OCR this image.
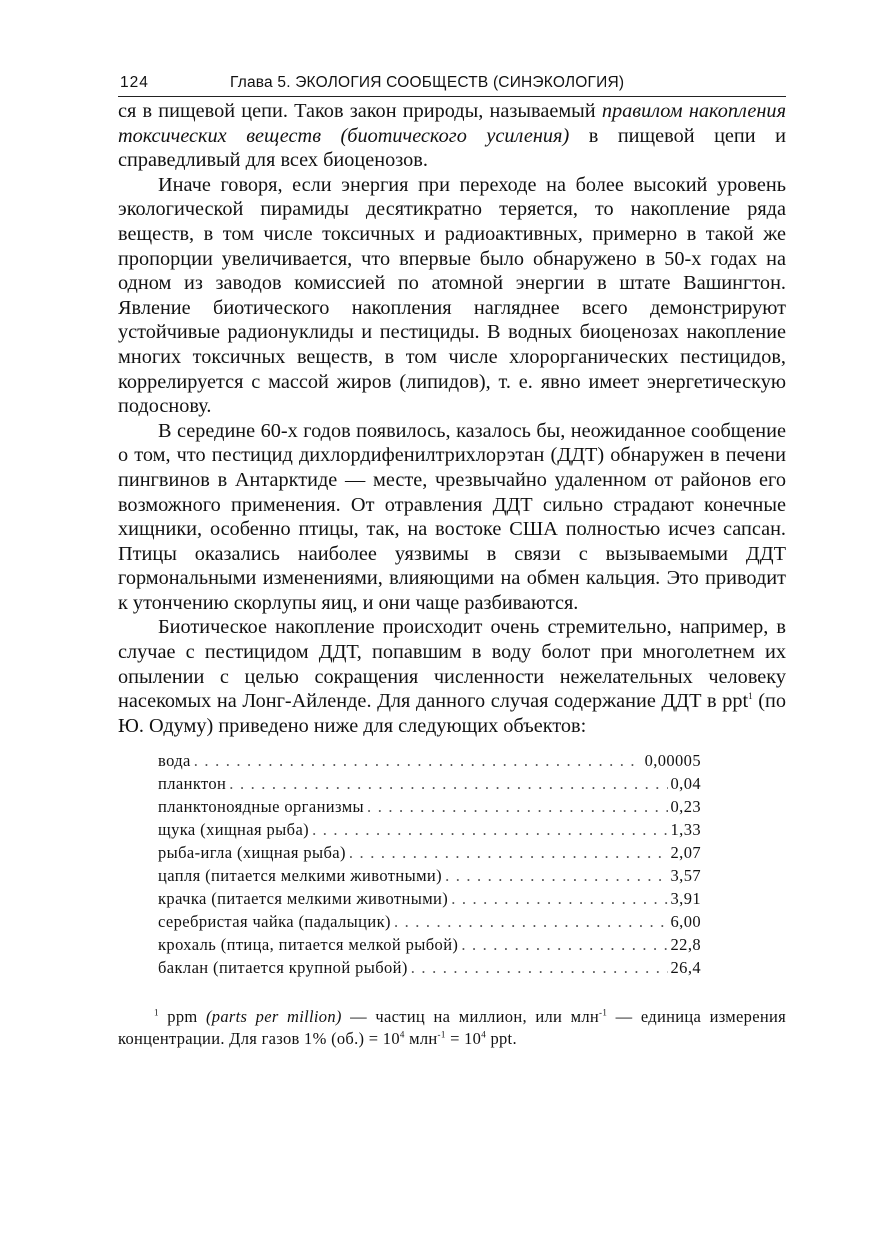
124	Глава 5. ЭКОЛОГИЯ СООБЩЕСТВ (СИНЭКОЛОГИЯ)

ся в пищевой цепи. Таков закон природы, называемый правилом накопления токсических веществ (биотического усиления) в пищевой цепи и справедливый для всех биоценозов.

Иначе говоря, если энергия при переходе на более высокий уровень экологической пирамиды десятикратно теряется, то накопление ряда веществ, в том числе токсичных и радиоактивных, примерно в такой же пропорции увеличивается, что впервые было обнаружено в 50-х годах на одном из заводов комиссией по атомной энергии в штате Вашингтон. Явление биотического накопления нагляднее всего демонстрируют устойчивые радионуклиды и пестициды. В водных биоценозах накопление многих токсичных веществ, в том числе хлорорганических пестицидов, коррелируется с массой жиров (липидов), т. е. явно имеет энергетическую подоснову.

В середине 60-х годов появилось, казалось бы, неожиданное сообщение о том, что пестицид дихлордифенилтрихлорэтан (ДДТ) обнаружен в печени пингвинов в Антарктиде — месте, чрезвычайно удаленном от районов его возможного применения. От отравления ДДТ сильно страдают конечные хищники, особенно птицы, так, на востоке США полностью исчез сапсан. Птицы оказались наиболее уязвимы в связи с вызываемыми ДДТ гормональными изменениями, влияющими на обмен кальция. Это приводит к утончению скорлупы яиц, и они чаще разбиваются.

Биотическое накопление происходит очень стремительно, например, в случае с пестицидом ДДТ, попавшим в воду болот при многолетнем их опылении с целью сокращения численности нежелательных человеку насекомых на Лонг-Айленде. Для данного случая содержание ДДТ в ppt$^1$ (по Ю. Одуму) приведено ниже для следующих объектов:

вода . . .	0,00005
планктон . . .	0,04
планктоноядные организмы . . .	0,23
щука (хищная рыба) . . .	1,33
рыба-игла (хищная рыба) . . .	2,07
цапля (питается мелкими животными) . . .	3,57
крачка (питается мелкими животными) . . .	3,91
серебристая чайка (падалыцик) . . .	6,00
крохаль (птица, питается мелкой рыбой) . . .	22,8
баклан (питается крупной рыбой) . . .	26,4
$^1$ ppm (parts per million) — частиц на миллион, или млн$^{-1}$ — единица измерения концентрации. Для газов 1% $(об.) = 10^4$ $млн^{-1} = 10^4$ ppt.
